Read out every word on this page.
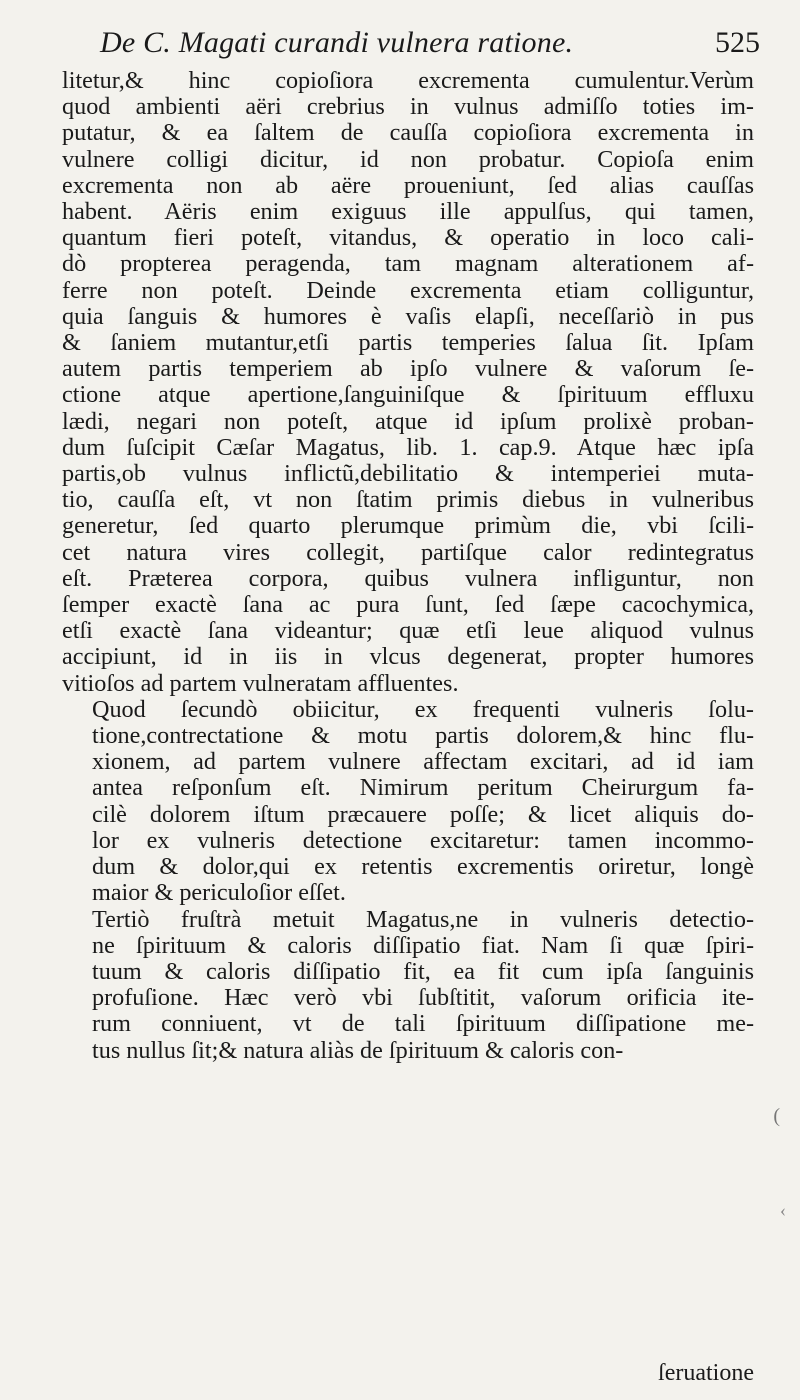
De C. Magati curandi vulnera ratione.	525
litetur,& hinc copioſiora excrementa cumulentur.Verùm
quod ambienti aëri crebrius in vulnus admiſſo toties im-
putatur, & ea ſaltem de cauſſa copioſiora excrementa in
vulnere colligi dicitur, id non probatur. Copioſa enim
excrementa non ab aëre proueniunt, ſed alias cauſſas
habent. Aëris enim exiguus ille appulſus, qui tamen,
quantum fieri poteſt, vitandus, & operatio in loco cali-
dò propterea peragenda, tam magnam alterationem af-
ferre non poteſt. Deinde excrementa etiam colliguntur,
quia ſanguis & humores è vaſis elapſi, neceſſariò in pus
& ſaniem mutantur,etſi partis temperies ſalua ſit. Ipſam
autem partis temperiem ab ipſo vulnere & vaſorum ſe-
ctione atque apertione,ſanguiniſque & ſpirituum effluxu
lædi, negari non poteſt, atque id ipſum prolixè proban-
dum ſuſcipit Cæſar Magatus, lib. 1. cap.9. Atque hæc ipſa
partis,ob vulnus inflictũ,debilitatio & intemperiei muta-
tio, cauſſa eſt, vt non ſtatim primis diebus in vulneribus
generetur, ſed quarto plerumque primùm die, vbi ſcili-
cet natura vires collegit, partiſque calor redintegratus
eſt. Præterea corpora, quibus vulnera infliguntur, non
ſemper exactè ſana ac pura ſunt, ſed ſæpe cacochymica,
etſi exactè ſana videantur; quæ etſi leue aliquod vulnus
accipiunt, id in iis in vlcus degenerat, propter humores
vitioſos ad partem vulneratam affluentes.
Quod ſecundò obiicitur, ex frequenti vulneris ſolu-
tione,contrectatione & motu partis dolorem,& hinc flu-
xionem, ad partem vulnere affectam excitari, ad id iam
antea reſponſum eſt. Nimirum peritum Cheirurgum fa-
cilè dolorem iſtum præcauere poſſe; & licet aliquis do-
lor ex vulneris detectione excitaretur: tamen incommo-
dum & dolor,qui ex retentis excrementis oriretur, longè
maior & periculoſior eſſet.
Tertiò fruſtrà metuit Magatus,ne in vulneris detectio-
ne ſpirituum & caloris diſſipatio fiat. Nam ſi quæ ſpiri-
tuum & caloris diſſipatio fit, ea fit cum ipſa ſanguinis
profuſione. Hæc verò vbi ſubſtitit, vaſorum orificia ite-
rum conniuent, vt de tali ſpirituum diſſipatione me-
tus nullus ſit;& natura aliàs de ſpirituum & caloris con-
(
‹
ſeruatione
